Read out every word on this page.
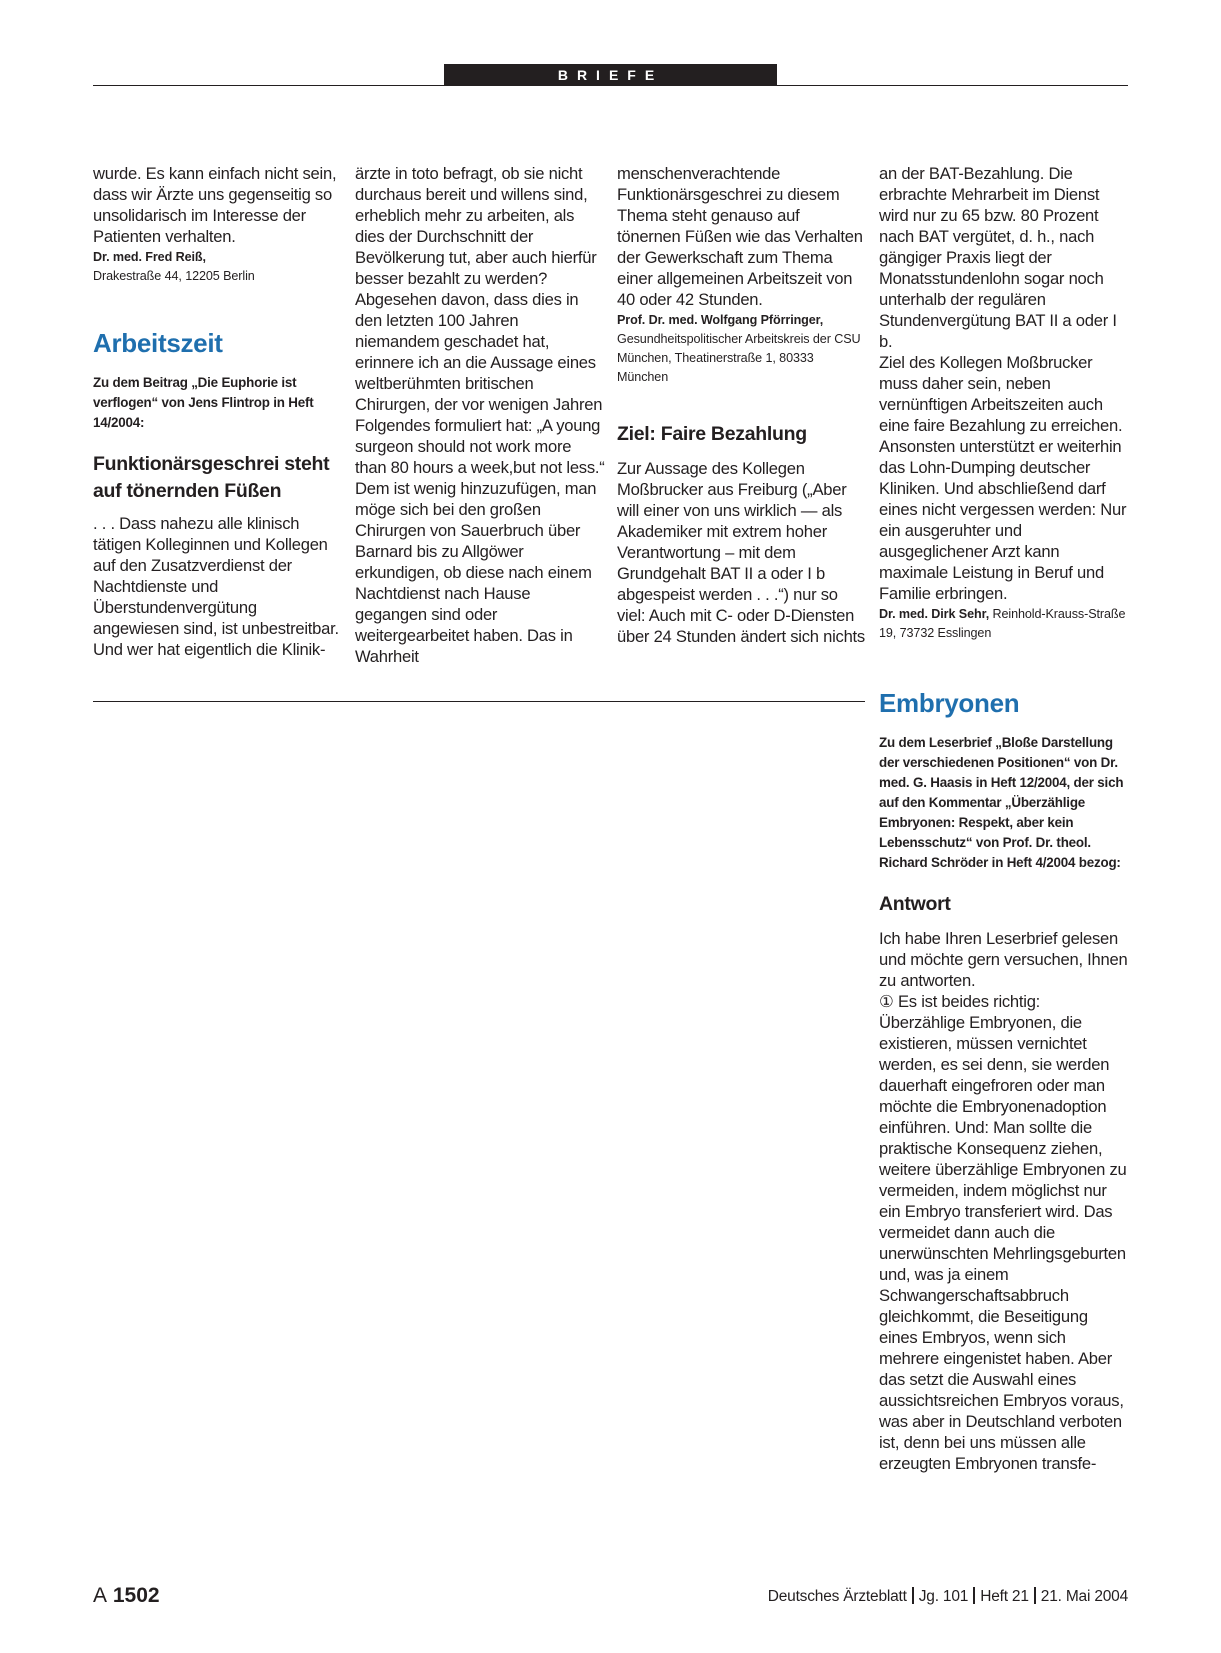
BRIEFE

wurde. Es kann einfach nicht sein, dass wir Ärzte uns gegenseitig so unsolidarisch im Interesse der Patienten verhalten.

Dr. med. Fred Reiß,

Drakestraße 44, 12205 Berlin

Arbeitszeit

Zu dem Beitrag „Die Euphorie ist verflogen“ von Jens Flintrop in Heft 14/2004:

Funktionärsgeschrei steht auf tönernden Füßen

. . . Dass nahezu alle klinisch tätigen Kolleginnen und Kollegen auf den Zusatzverdienst der Nachtdienste und Überstundenvergütung angewiesen sind, ist unbestreitbar. Und wer hat eigentlich die Klinik-

ärzte in toto befragt, ob sie nicht durchaus bereit und willens sind, erheblich mehr zu arbeiten, als dies der Durchschnitt der Bevölkerung tut, aber auch hierfür besser bezahlt zu werden? Abgesehen davon, dass dies in den letzten 100 Jahren niemandem geschadet hat, erinnere ich an die Aussage eines weltberühmten britischen Chirurgen, der vor wenigen Jahren Folgendes formuliert hat: „A young surgeon should not work more than 80 hours a week,but not less.“ Dem ist wenig hinzuzufügen, man möge sich bei den großen Chirurgen von Sauerbruch über Barnard bis zu Allgöwer erkundigen, ob diese nach einem Nachtdienst nach Hause gegangen sind oder weitergearbeitet haben. Das in Wahrheit

menschenverachtende Funktionärsgeschrei zu diesem Thema steht genauso auf tönernen Füßen wie das Verhalten der Gewerkschaft zum Thema einer allgemeinen Arbeitszeit von 40 oder 42 Stunden.

Prof. Dr. med. Wolfgang Pförringer,

Gesundheitspolitischer Arbeitskreis der CSU München, Theatinerstraße 1, 80333 München

Ziel: Faire Bezahlung

Zur Aussage des Kollegen Moßbrucker aus Freiburg („Aber will einer von uns wirklich — als Akademiker mit extrem hoher Verantwortung – mit dem Grundgehalt BAT II a oder I b abgespeist werden . . .“) nur so viel: Auch mit C- oder D-Diensten über 24 Stunden ändert sich nichts

an der BAT-Bezahlung. Die erbrachte Mehrarbeit im Dienst wird nur zu 65 bzw. 80 Prozent nach BAT vergütet, d. h., nach gängiger Praxis liegt der Monatsstundenlohn sogar noch unterhalb der regulären Stundenvergütung BAT II a oder I b.

Ziel des Kollegen Moßbrucker muss daher sein, neben vernünftigen Arbeitszeiten auch eine faire Bezahlung zu erreichen. Ansonsten unterstützt er weiterhin das Lohn-Dumping deutscher Kliniken. Und abschließend darf eines nicht vergessen werden: Nur ein ausgeruhter und ausgeglichener Arzt kann maximale Leistung in Beruf und Familie erbringen.

Dr. med. Dirk Sehr, Reinhold-Krauss-Straße 19, 73732 Esslingen

Embryonen

Zu dem Leserbrief „Bloße Darstellung der verschiedenen Positionen“ von Dr. med. G. Haasis in Heft 12/2004, der sich auf den Kommentar „Überzählige Embryonen: Respekt, aber kein Lebensschutz“ von Prof. Dr. theol. Richard Schröder in Heft 4/2004 bezog:

Antwort

Ich habe Ihren Leserbrief gelesen und möchte gern versuchen, Ihnen zu antworten.

① Es ist beides richtig: Überzählige Embryonen, die existieren, müssen vernichtet werden, es sei denn, sie werden dauerhaft eingefroren oder man möchte die Embryonenadoption einführen. Und: Man sollte die praktische Konsequenz ziehen, weitere überzählige Embryonen zu vermeiden, indem möglichst nur ein Embryo transferiert wird. Das vermeidet dann auch die unerwünschten Mehrlingsgeburten und, was ja einem Schwangerschaftsabbruch gleichkommt, die Beseitigung eines Embryos, wenn sich mehrere eingenistet haben. Aber das setzt die Auswahl eines aussichtsreichen Embryos voraus, was aber in Deutschland verboten ist, denn bei uns müssen alle erzeugten Embryonen transfe-

A 1502	Deutsches Ärzteblatt Jg. 101 Heft 21 21. Mai 2004
